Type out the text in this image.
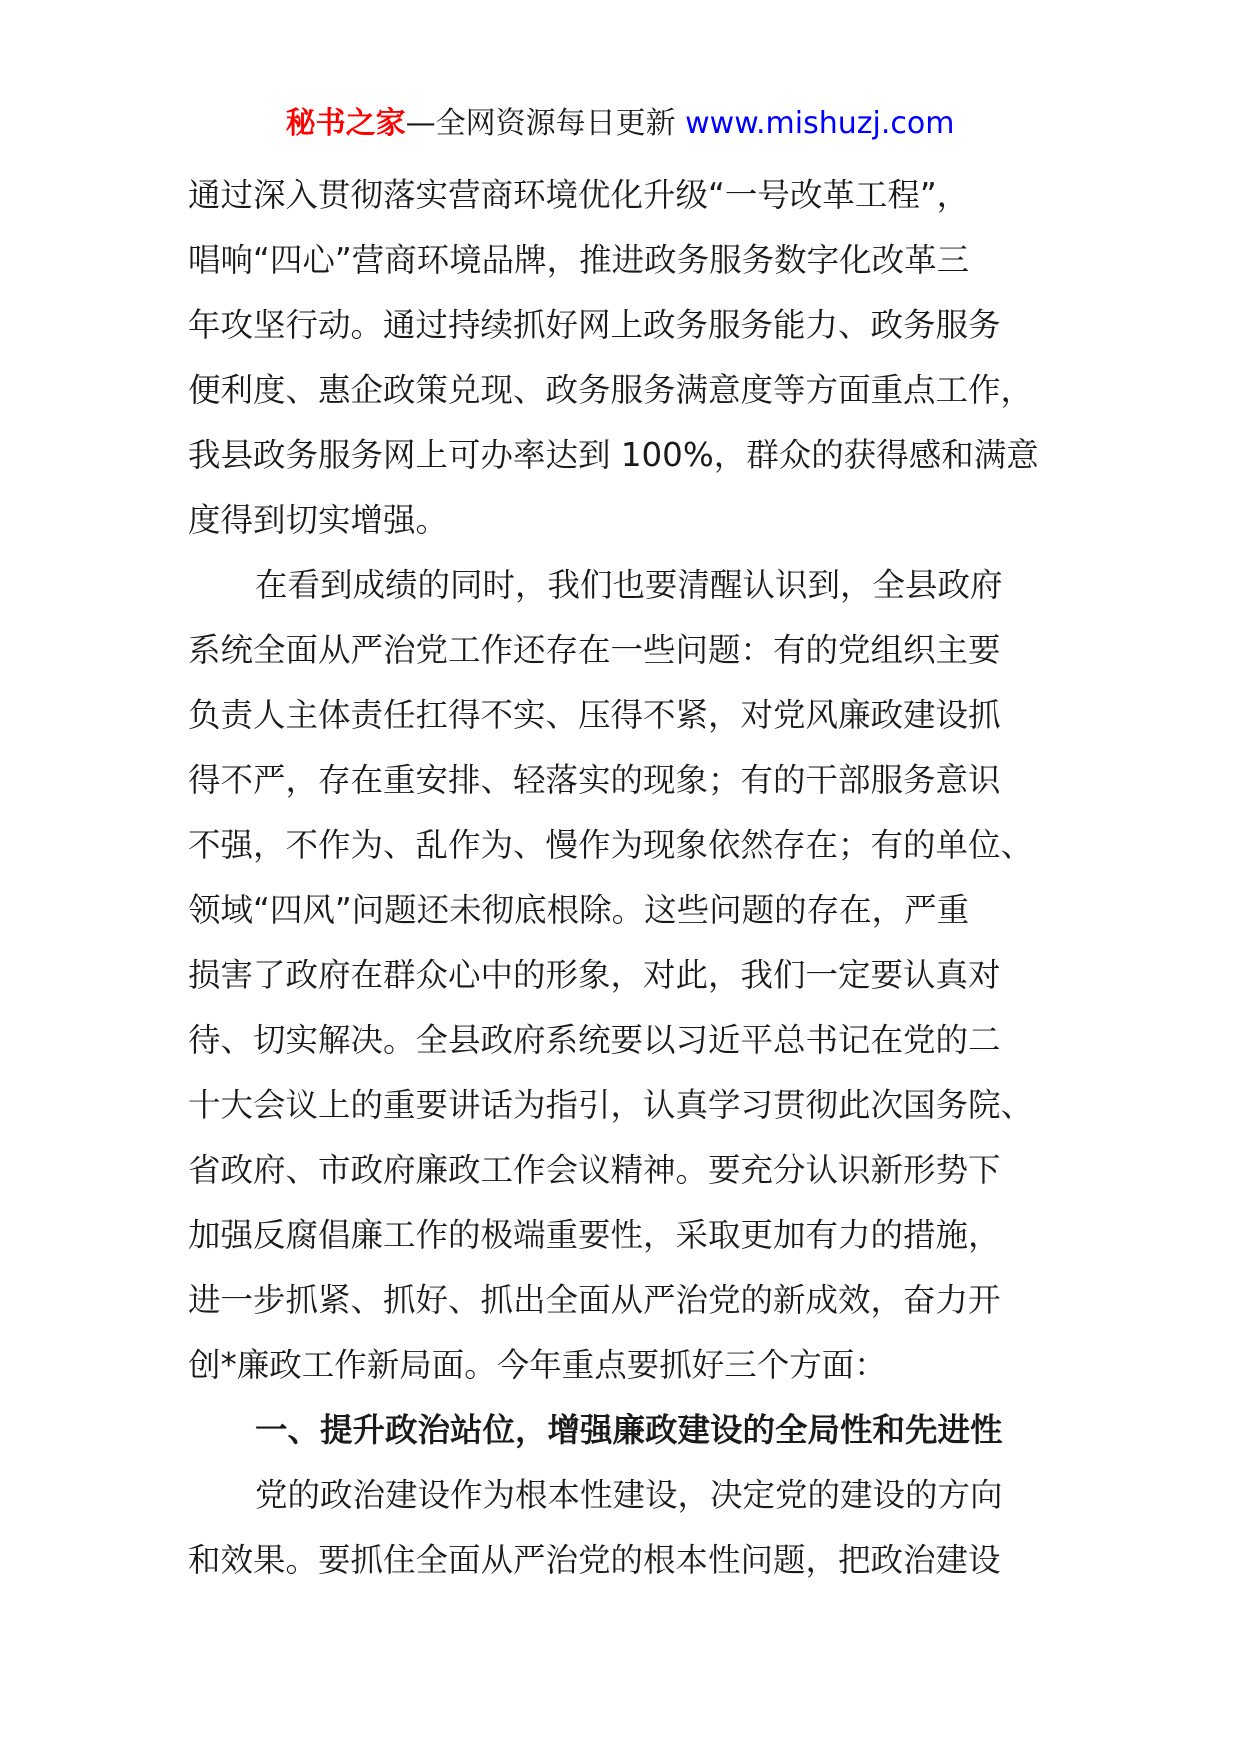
秘书之家—全网资源每日更新 www.mishuzj.com
通过深入贯彻落实营商环境优化升级“一号改革工程”，
唱响“四心”营商环境品牌，推进政务服务数字化改革三
年攻坚行动。通过持续抓好网上政务服务能力、政务服务
便利度、惠企政策兑现、政务服务满意度等方面重点工作，
我县政务服务网上可办率达到 100%，群众的获得感和满意
度得到切实增强。
在看到成绩的同时，我们也要清醒认识到，全县政府
系统全面从严治党工作还存在一些问题：有的党组织主要
负责人主体责任扛得不实、压得不紧，对党风廉政建设抓
得不严，存在重安排、轻落实的现象；有的干部服务意识
不强，不作为、乱作为、慢作为现象依然存在；有的单位、
领域“四风”问题还未彻底根除。这些问题的存在，严重
损害了政府在群众心中的形象，对此，我们一定要认真对
待、切实解决。全县政府系统要以习近平总书记在党的二
十大会议上的重要讲话为指引，认真学习贯彻此次国务院、
省政府、市政府廉政工作会议精神。要充分认识新形势下
加强反腐倡廉工作的极端重要性，采取更加有力的措施，
进一步抓紧、抓好、抓出全面从严治党的新成效，奋力开
创*廉政工作新局面。今年重点要抓好三个方面：
一、提升政治站位，增强廉政建设的全局性和先进性
党的政治建设作为根本性建设，决定党的建设的方向
和效果。要抓住全面从严治党的根本性问题，把政治建设
